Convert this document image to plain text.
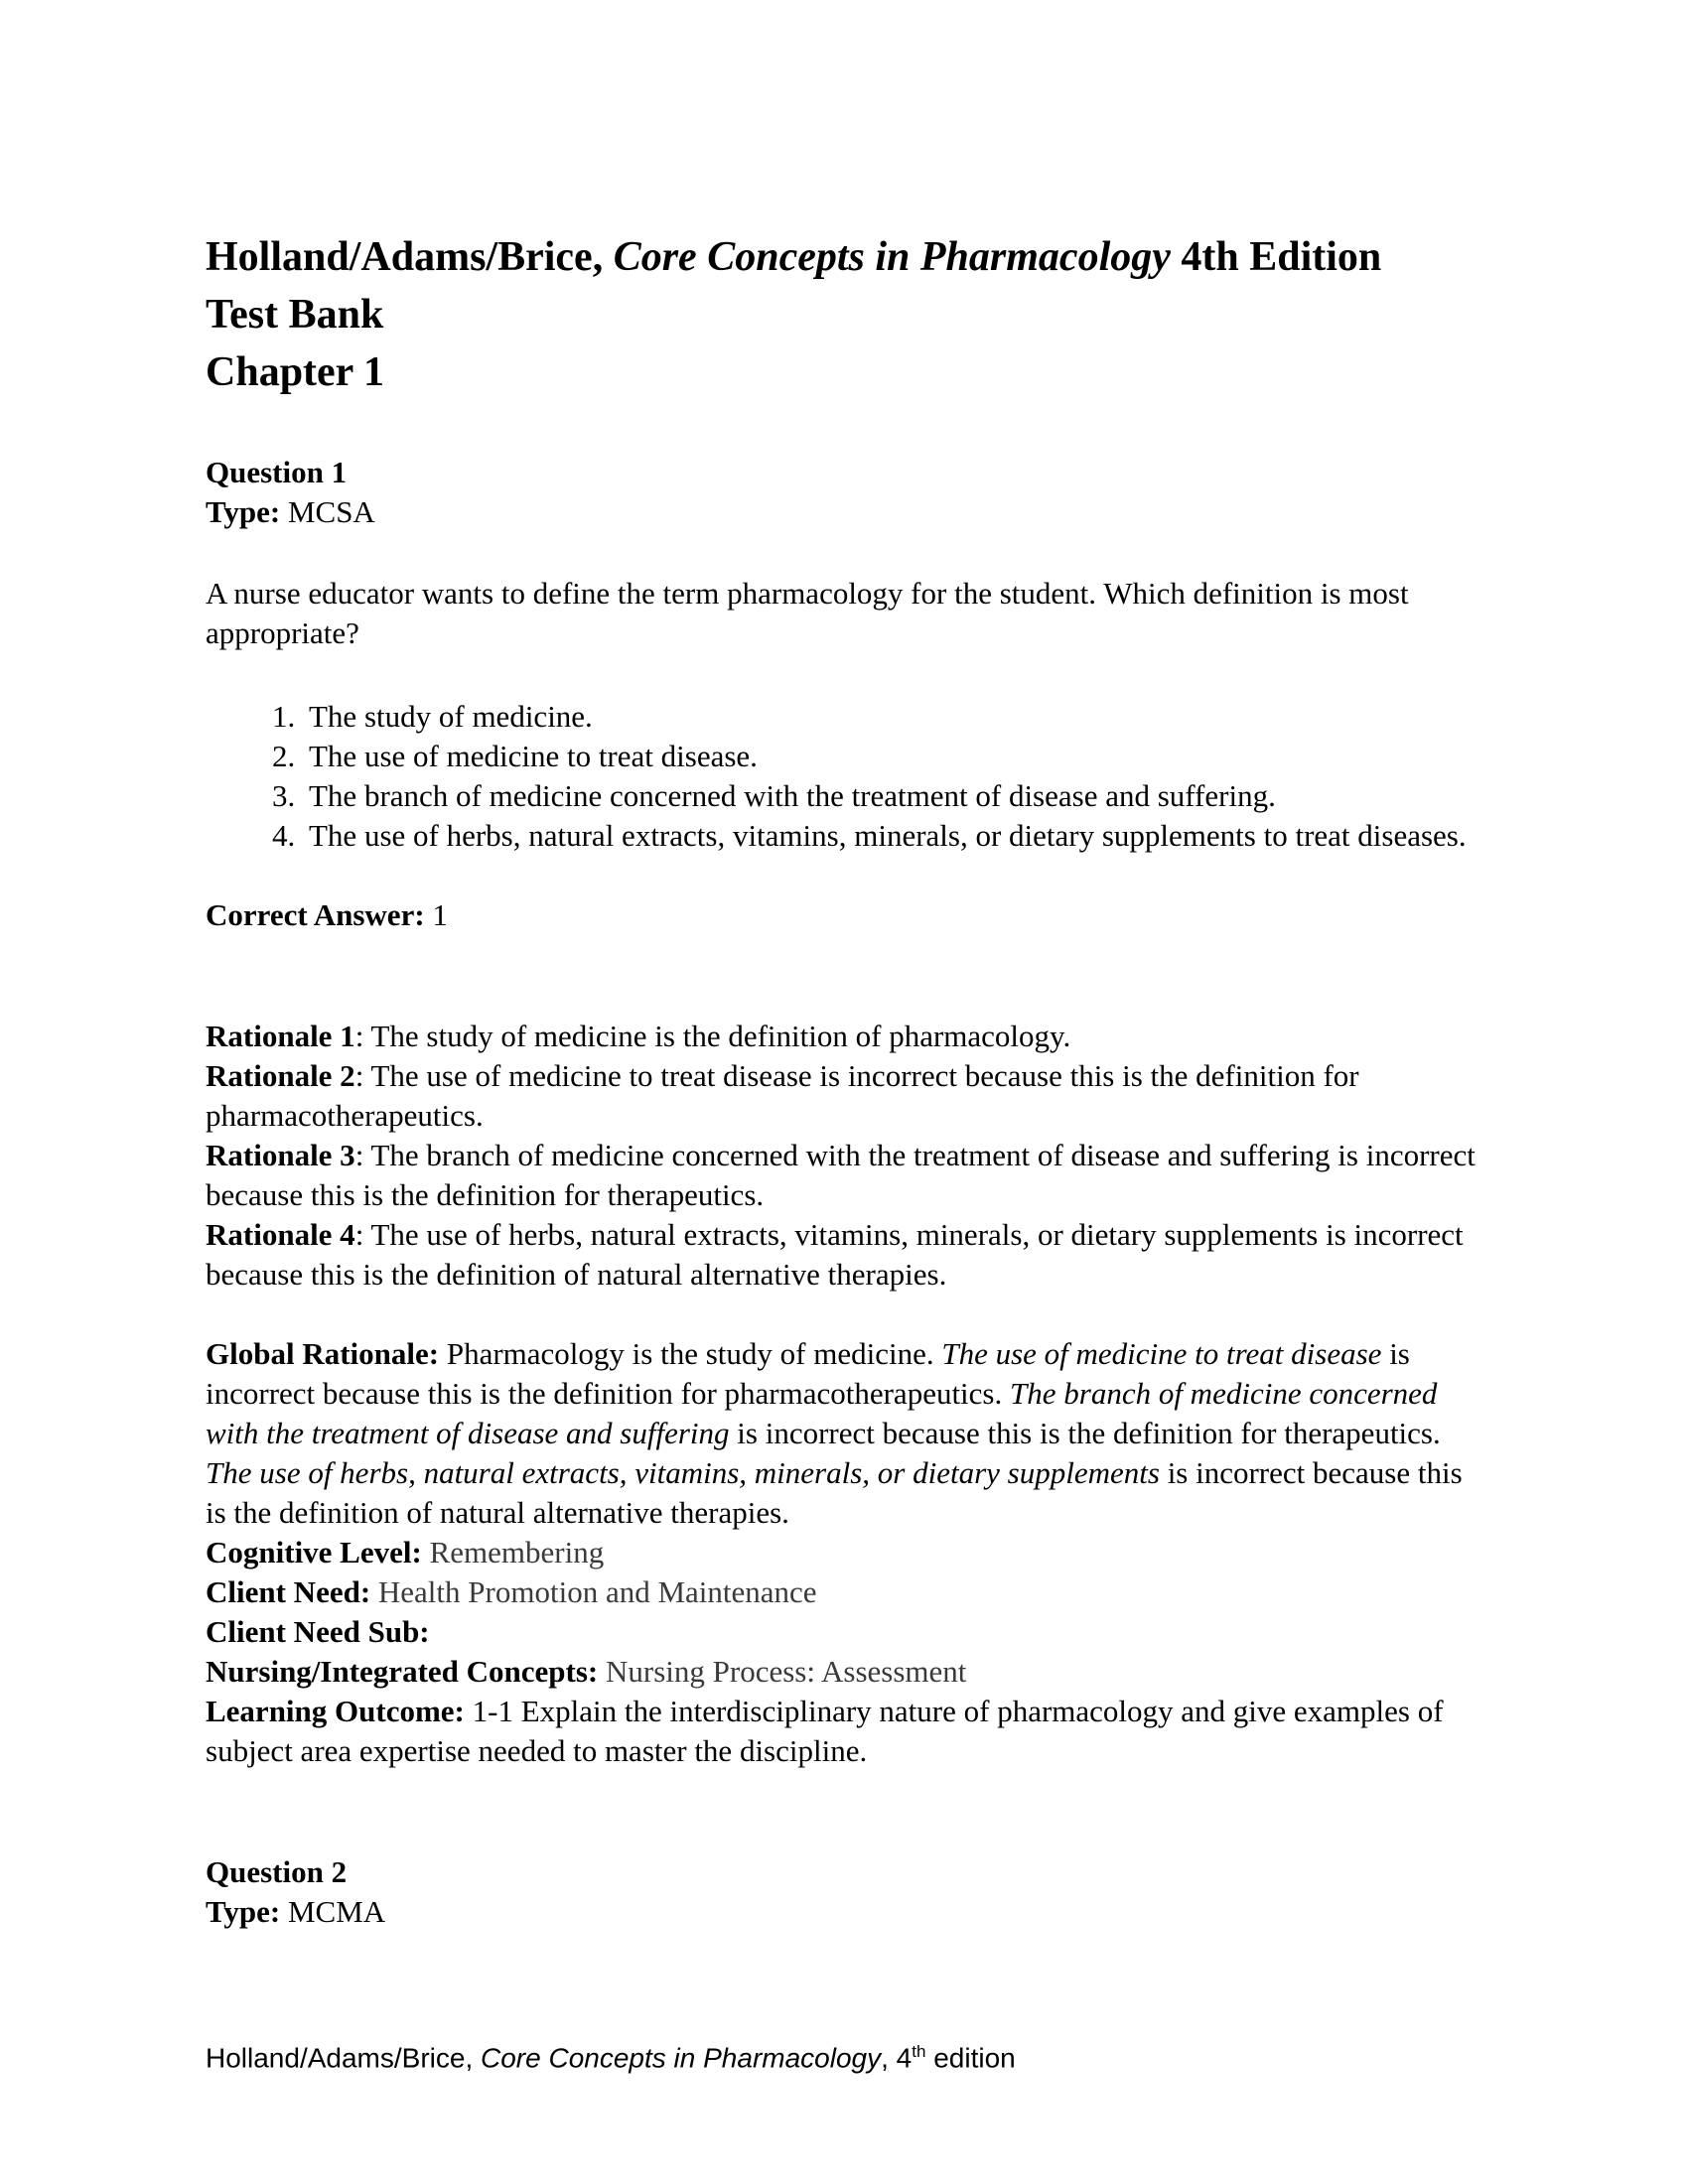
Holland/Adams/Brice, Core Concepts in Pharmacology 4th Edition
Test Bank
Chapter 1

Question 1
Type: MCSA

A nurse educator wants to define the term pharmacology for the student. Which definition is most appropriate?

1. The study of medicine.
2. The use of medicine to treat disease.
3. The branch of medicine concerned with the treatment of disease and suffering.
4. The use of herbs, natural extracts, vitamins, minerals, or dietary supplements to treat diseases.

Correct Answer: 1

Rationale 1: The study of medicine is the definition of pharmacology.

Rationale 2: The use of medicine to treat disease is incorrect because this is the definition for pharmacotherapeutics.

Rationale 3: The branch of medicine concerned with the treatment of disease and suffering is incorrect because this is the definition for therapeutics.

Rationale 4: The use of herbs, natural extracts, vitamins, minerals, or dietary supplements is incorrect because this is the definition of natural alternative therapies.

Global Rationale: Pharmacology is the study of medicine. The use of medicine to treat disease is incorrect because this is the definition for pharmacotherapeutics. The branch of medicine concerned with the treatment of disease and suffering is incorrect because this is the definition for therapeutics. The use of herbs, natural extracts, vitamins, minerals, or dietary supplements is incorrect because this is the definition of natural alternative therapies.

Cognitive Level: Remembering

Client Need: Health Promotion and Maintenance

Client Need Sub:

Nursing/Integrated Concepts: Nursing Process: Assessment

Learning Outcome: 1-1 Explain the interdisciplinary nature of pharmacology and give examples of subject area expertise needed to master the discipline.

Question 2
Type: MCMA

Holland/Adams/Brice, Core Concepts in Pharmacology, 4th edition
